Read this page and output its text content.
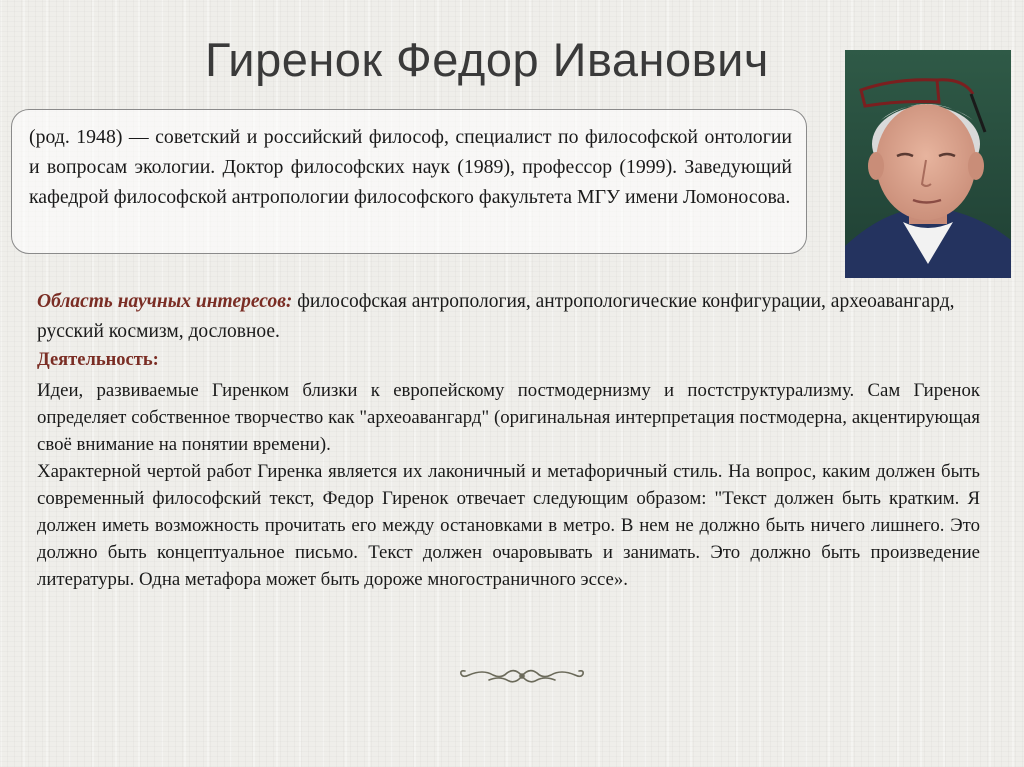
Гиренок Федор Иванович
(род. 1948) — советский и российский философ, специалист по философской онтологии и вопросам экологии. Доктор философских наук (1989), профессор (1999). Заведующий кафедрой философской антропологии философского факультета МГУ имени Ломоносова.
Область научных интересов: философская антропология, антропологические конфигурации, археоавангард, русский космизм, дословное.
Деятельность:

Идеи, развиваемые Гиренком близки к европейскому постмодернизму и постструктурализму. Сам Гиренок определяет собственное творчество как "археоавангард" (оригинальная интерпретация постмодерна, акцентирующая своё внимание на понятии времени).

Характерной чертой работ Гиренка является их лаконичный и метафоричный стиль. На вопрос, каким должен быть современный философский текст, Федор Гиренок отвечает следующим образом: "Текст должен быть кратким. Я должен иметь возможность прочитать его между остановками в метро. В нем не должно быть ничего лишнего. Это должно быть концептуальное письмо. Текст должен очаровывать и занимать. Это должно быть произведение литературы. Одна метафора может быть дороже многостраничного эссе».
